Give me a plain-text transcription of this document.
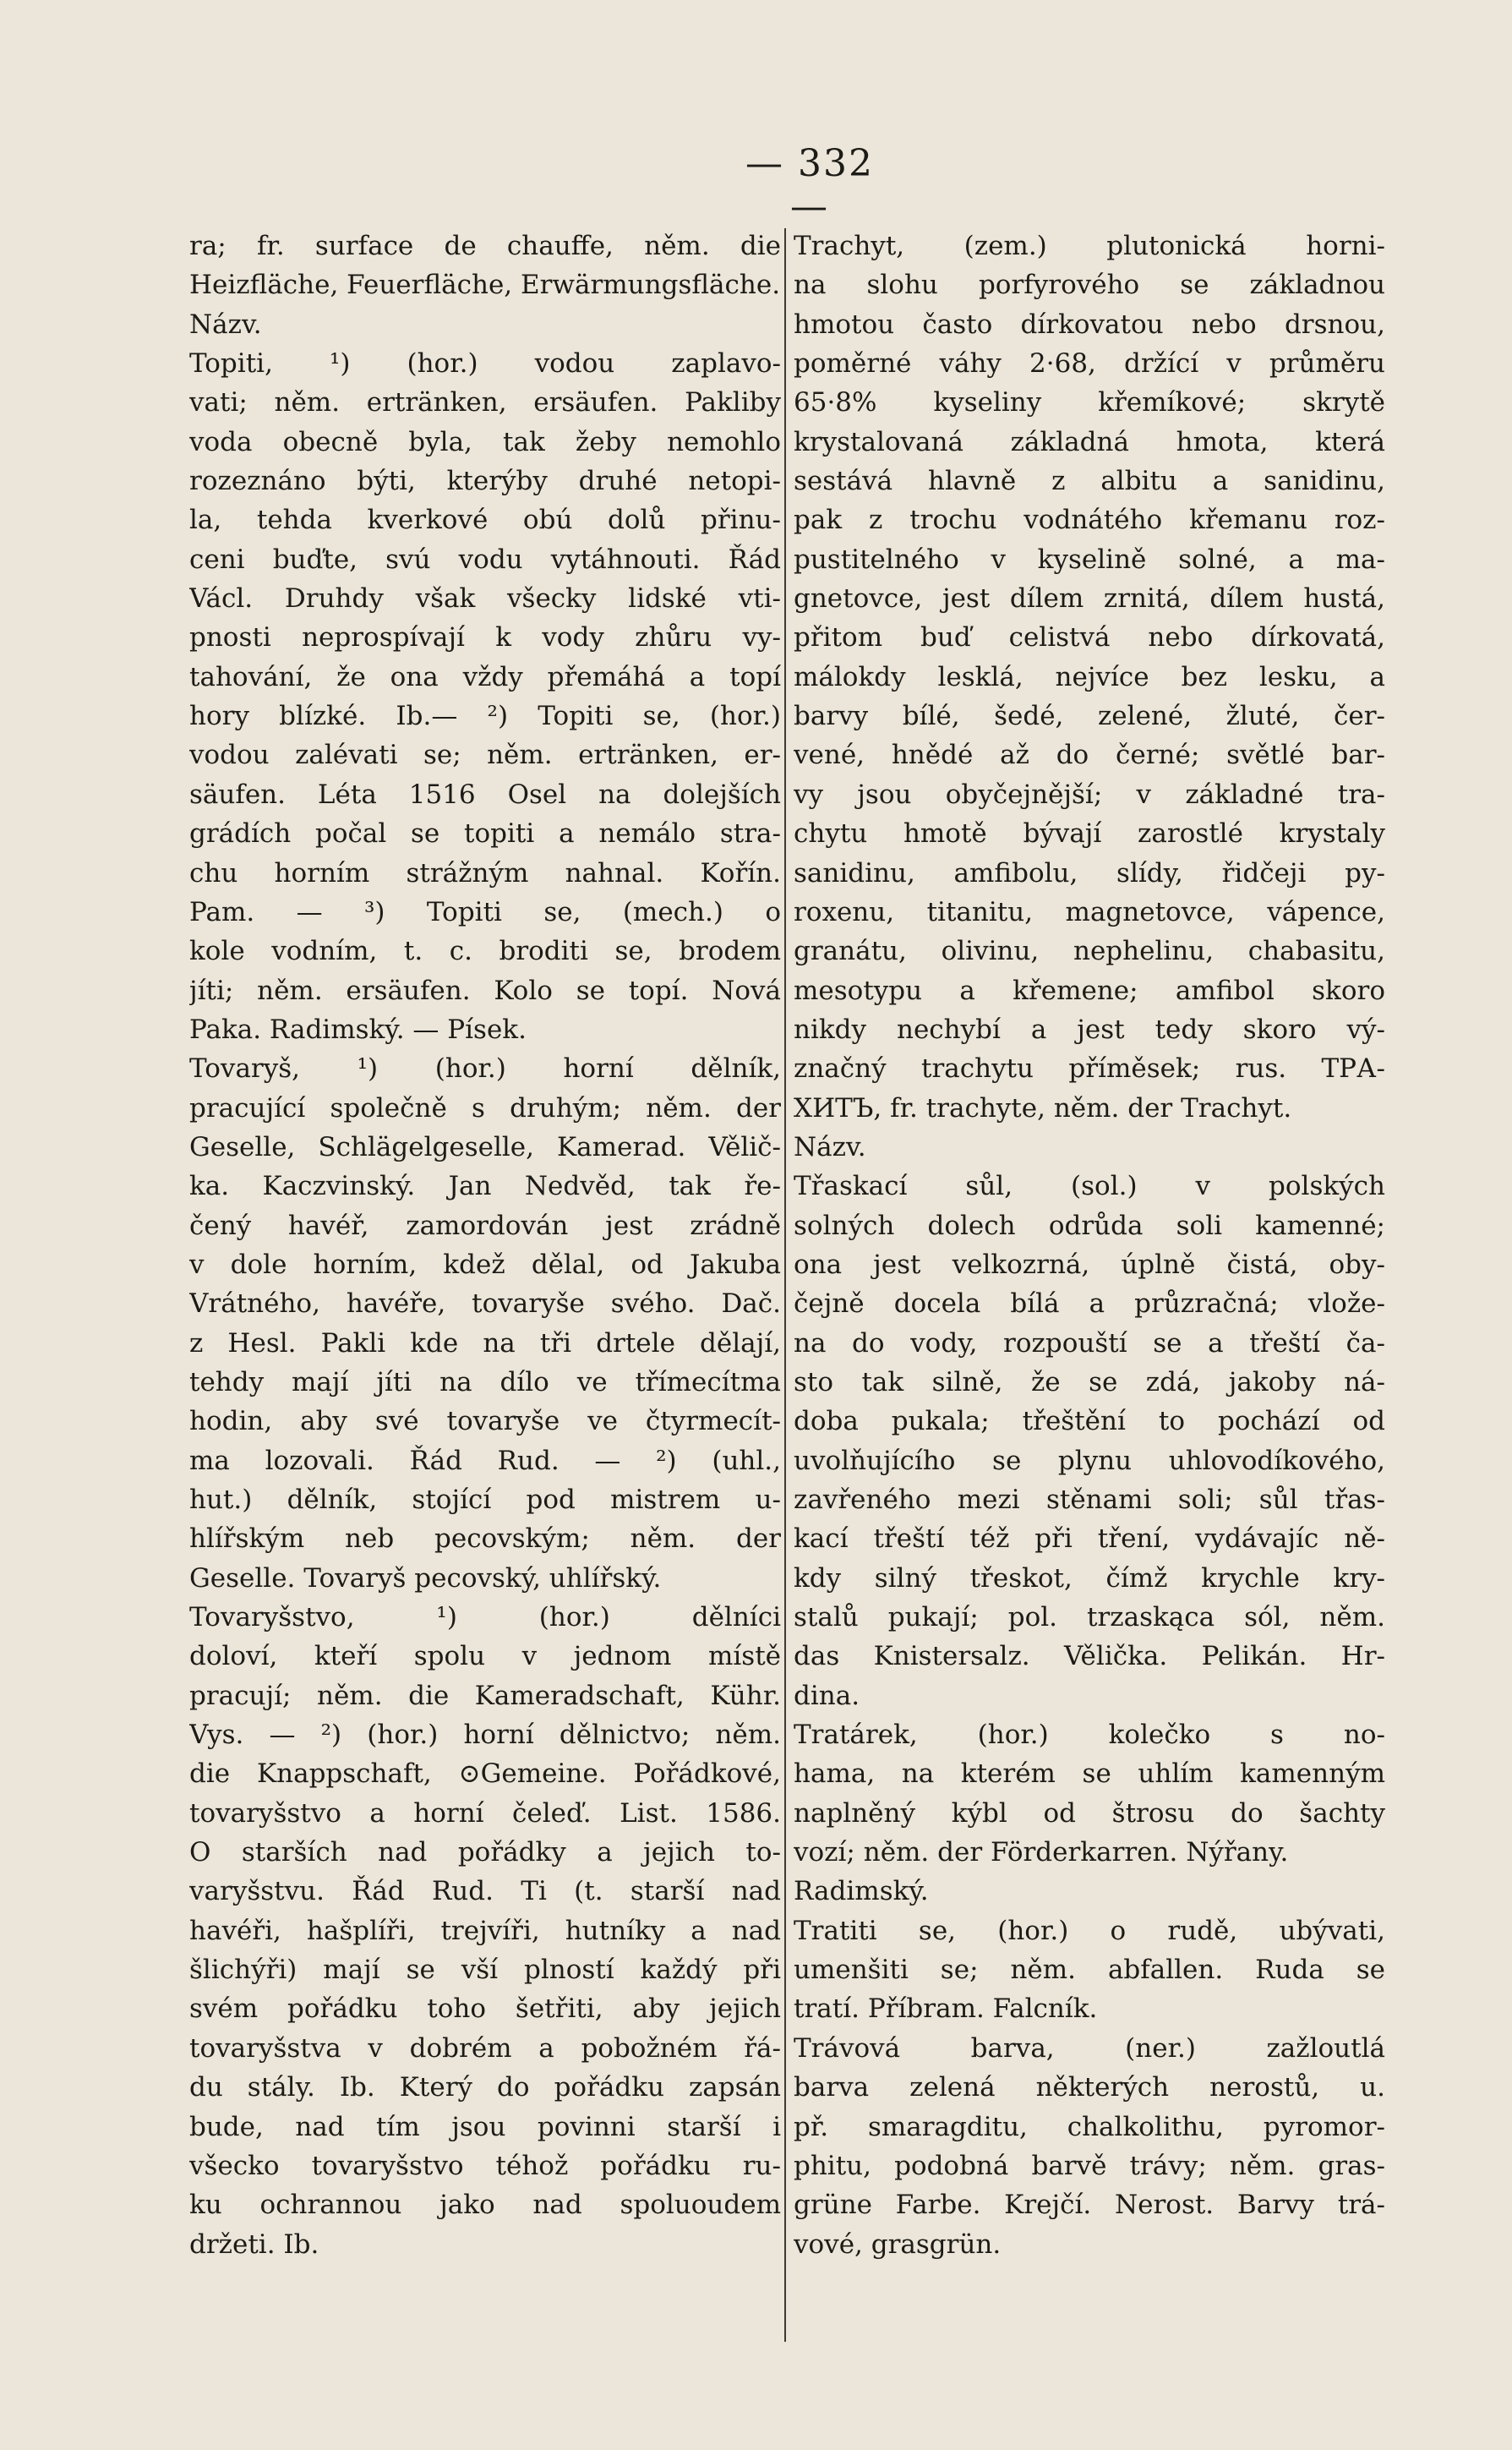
— 332 —
ra; fr. surface de chauffe, něm. die
Heizfläche, Feuerfläche, Erwärmungsfläche.
Názv.
Topiti, ¹) (hor.) vodou zaplavo-
vati; něm. ertränken, ersäufen. Pakliby
voda obecně byla, tak žeby nemohlo
rozeznáno býti, kterýby druhé netopi-
la, tehda kverkové obú dolů přinu-
ceni buďte, svú vodu vytáhnouti. Řád
Václ. Druhdy však všecky lidské vti-
pnosti neprospívají k vody zhůru vy-
tahování, že ona vždy přemáhá a topí
hory blízké. Ib.— ²) Topiti se, (hor.)
vodou zalévati se; něm. ertränken, er-
säufen. Léta 1516 Osel na dolejších
grádích počal se topiti a nemálo stra-
chu horním strážným nahnal. Kořín.
Pam. — ³) Topiti se, (mech.) o
kole vodním, t. c. broditi se, brodem
jíti; něm. ersäufen. Kolo se topí. Nová
Paka. Radimský. — Písek.
Tovaryš, ¹) (hor.) horní dělník,
pracující společně s druhým; něm. der
Geselle, Schlägelgeselle, Kamerad. Vělič-
ka. Kaczvinský. Jan Nedvěd, tak ře-
čený havéř, zamordován jest zrádně
v dole horním, kdež dělal, od Jakuba
Vrátného, havéře, tovaryše svého. Dač.
z Hesl. Pakli kde na tři drtele dělají,
tehdy mají jíti na dílo ve třímecítma
hodin, aby své tovaryše ve čtyrmecít-
ma lozovali. Řád Rud. — ²) (uhl.,
hut.) dělník, stojící pod mistrem u-
hlířským neb pecovským; něm. der
Geselle. Tovaryš pecovský, uhlířský.
Tovaryšstvo, ¹) (hor.) dělníci
doloví, kteří spolu v jednom místě
pracují; něm. die Kameradschaft, Kühr.
Vys. — ²) (hor.) horní dělnictvo; něm.
die Knappschaft, ⊙Gemeine. Pořádkové,
tovaryšstvo a horní čeleď. List. 1586.
O starších nad pořádky a jejich to-
varyšstvu. Řád Rud. Ti (t. starší nad
havéři, hašplíři, trejvíři, hutníky a nad
šlichýři) mají se vší plností každý při
svém pořádku toho šetřiti, aby jejich
tovaryšstva v dobrém a pobožném řá-
du stály. Ib. Který do pořádku zapsán
bude, nad tím jsou povinni starší i
všecko tovaryšstvo téhož pořádku ru-
ku ochrannou jako nad spoluoudem
držeti. Ib.
Trachyt, (zem.) plutonická horni-
na slohu porfyrového se základnou
hmotou často dírkovatou nebo drsnou,
poměrné váhy 2·68, držící v průměru
65·8% kyseliny křemíkové; skrytě
krystalovaná základná hmota, která
sestává hlavně z albitu a sanidinu,
pak z trochu vodnátého křemanu roz-
pustitelného v kyselině solné, a ma-
gnetovce, jest dílem zrnitá, dílem hustá,
přitom buď celistvá nebo dírkovatá,
málokdy lesklá, nejvíce bez lesku, a
barvy bílé, šedé, zelené, žluté, čer-
vené, hnědé až do černé; světlé bar-
vy jsou obyčejnější; v základné tra-
chytu hmotě bývají zarostlé krystaly
sanidinu, amfibolu, slídy, řidčeji py-
roxenu, titanitu, magnetovce, vápence,
granátu, olivinu, nephelinu, chabasitu,
mesotypu a křemene; amfibol skoro
nikdy nechybí a jest tedy skoro vý-
značný trachytu příměsek; rus. ТРА-
ХИТЪ, fr. trachyte, něm. der Trachyt.
Názv.
Třaskací sůl, (sol.) v polských
solných dolech odrůda soli kamenné;
ona jest velkozrná, úplně čistá, oby-
čejně docela bílá a průzračná; vlože-
na do vody, rozpouští se a třeští ča-
sto tak silně, že se zdá, jakoby ná-
doba pukala; třeštění to pochází od
uvolňujícího se plynu uhlovodíkového,
zavřeného mezi stěnami soli; sůl třas-
kací třeští též při tření, vydávajíc ně-
kdy silný třeskot, čímž krychle kry-
stalů pukají; pol. trzaskąca sól, něm.
das Knistersalz. Vělička. Pelikán. Hr-
dina.
Tratárek, (hor.) kolečko s no-
hama, na kterém se uhlím kamenným
naplněný kýbl od štrosu do šachty
vozí; něm. der Förderkarren. Nýřany.
Radimský.
Tratiti se, (hor.) o rudě, ubývati,
umenšiti se; něm. abfallen. Ruda se
tratí. Příbram. Falcník.
Trávová barva, (ner.) zažloutlá
barva zelená některých nerostů, u.
př. smaragditu, chalkolithu, pyromor-
phitu, podobná barvě trávy; něm. gras-
grüne Farbe. Krejčí. Nerost. Barvy trá-
vové, grasgrün.
